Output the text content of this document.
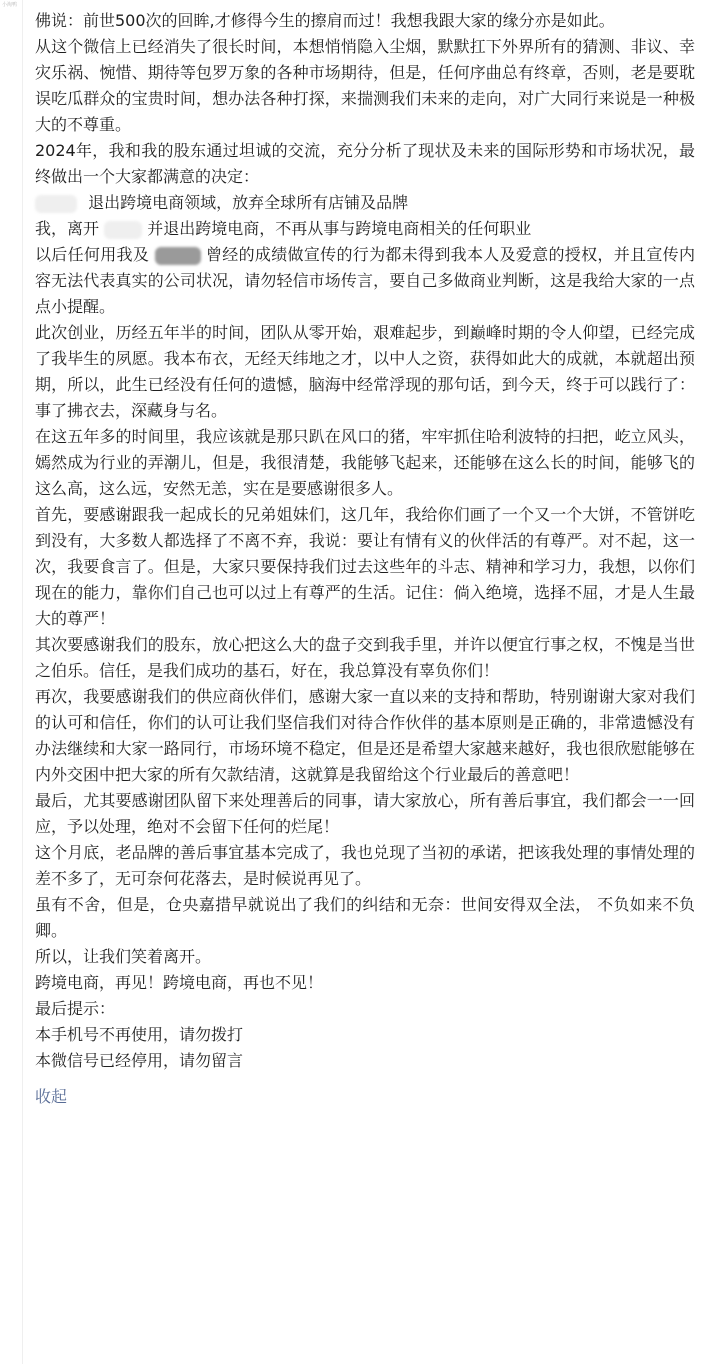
小淘鸭

佛说：前世500次的回眸,才修得今生的擦肩而过！我想我跟大家的缘分亦是如此。

从这个微信上已经消失了很长时间，本想悄悄隐入尘烟，默默扛下外界所有的猜测、非议、幸灾乐祸、惋惜、期待等包罗万象的各种市场期待，但是，任何序曲总有终章，否则，老是要耽误吃瓜群众的宝贵时间，想办法各种打探，来揣测我们未来的走向，对广大同行来说是一种极大的不尊重。

2024年，我和我的股东通过坦诚的交流，充分分析了现状及未来的国际形势和市场状况，最终做出一个大家都满意的决定：

退出跨境电商领域，放弃全球所有店铺及品牌

我，离开	并退出跨境电商，不再从事与跨境电商相关的任何职业

以后任何用我及	曾经的成绩做宣传的行为都未得到我本人及爱意的授权，并且宣传内容无法代表真实的公司状况，请勿轻信市场传言，要自己多做商业判断，这是我给大家的一点点小提醒。

此次创业，历经五年半的时间，团队从零开始，艰难起步，到巅峰时期的令人仰望，已经完成了我毕生的夙愿。我本布衣，无经天纬地之才，以中人之资，获得如此大的成就，本就超出预期，所以，此生已经没有任何的遗憾，脑海中经常浮现的那句话，到今天，终于可以践行了：事了拂衣去，深藏身与名。

在这五年多的时间里，我应该就是那只趴在风口的猪，牢牢抓住哈利波特的扫把，屹立风头，嫣然成为行业的弄潮儿，但是，我很清楚，我能够飞起来，还能够在这么长的时间，能够飞的这么高，这么远，安然无恙，实在是要感谢很多人。

首先，要感谢跟我一起成长的兄弟姐妹们，这几年，我给你们画了一个又一个大饼，不管饼吃到没有，大多数人都选择了不离不弃，我说：要让有情有义的伙伴活的有尊严。对不起，这一次，我要食言了。但是，大家只要保持我们过去这些年的斗志、精神和学习力，我想，以你们现在的能力，靠你们自己也可以过上有尊严的生活。记住：倘入绝境，选择不屈，才是人生最大的尊严！

其次要感谢我们的股东，放心把这么大的盘子交到我手里，并许以便宜行事之权，不愧是当世之伯乐。信任，是我们成功的基石，好在，我总算没有辜负你们！

再次，我要感谢我们的供应商伙伴们，感谢大家一直以来的支持和帮助，特别谢谢大家对我们的认可和信任，你们的认可让我们坚信我们对待合作伙伴的基本原则是正确的，非常遗憾没有办法继续和大家一路同行，市场环境不稳定，但是还是希望大家越来越好，我也很欣慰能够在内外交困中把大家的所有欠款结清，这就算是我留给这个行业最后的善意吧！

最后，尤其要感谢团队留下来处理善后的同事，请大家放心，所有善后事宜，我们都会一一回应，予以处理，绝对不会留下任何的烂尾！

这个月底，老品牌的善后事宜基本完成了，我也兑现了当初的承诺，把该我处理的事情处理的差不多了，无可奈何花落去，是时候说再见了。

虽有不舍，但是，仓央嘉措早就说出了我们的纠结和无奈：世间安得双全法， 不负如来不负卿。

所以，让我们笑着离开。

跨境电商，再见！跨境电商，再也不见！

最后提示：

本手机号不再使用，请勿拨打

本微信号已经停用，请勿留言

收起
